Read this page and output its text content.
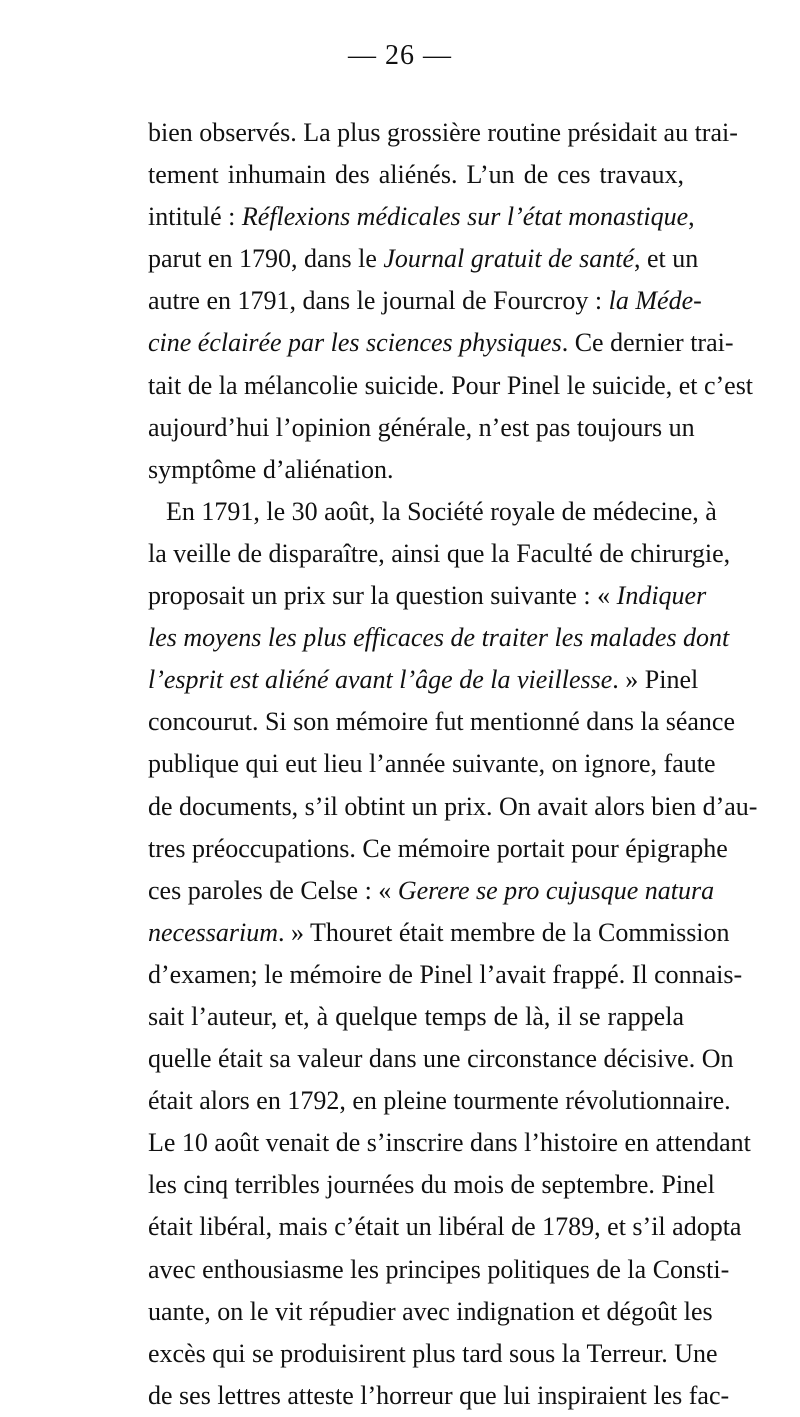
— 26 —
bien observés. La plus grossière routine présidait au trai-
tement inhumain des aliénés. L’un de ces travaux,
intitulé : Réflexions médicales sur l’état monastique,
parut en 1790, dans le Journal gratuit de santé, et un
autre en 1791, dans le journal de Fourcroy : la Méde-
cine éclairée par les sciences physiques. Ce dernier trai-
tait de la mélancolie suicide. Pour Pinel le suicide, et c’est
aujourd’hui l’opinion générale, n’est pas toujours un
symptôme d’aliénation.
En 1791, le 30 août, la Société royale de médecine, à
la veille de disparaître, ainsi que la Faculté de chirurgie,
proposait un prix sur la question suivante : « Indiquer
les moyens les plus efficaces de traiter les malades dont
l’esprit est aliéné avant l’âge de la vieillesse. » Pinel
concourut. Si son mémoire fut mentionné dans la séance
publique qui eut lieu l’année suivante, on ignore, faute
de documents, s’il obtint un prix. On avait alors bien d’au-
tres préoccupations. Ce mémoire portait pour épigraphe
ces paroles de Celse : « Gerere se pro cujusque natura
necessarium. » Thouret était membre de la Commission
d’examen; le mémoire de Pinel l’avait frappé. Il connais-
sait l’auteur, et, à quelque temps de là, il se rappela
quelle était sa valeur dans une circonstance décisive. On
était alors en 1792, en pleine tourmente révolutionnaire.
Le 10 août venait de s’inscrire dans l’histoire en attendant
les cinq terribles journées du mois de septembre. Pinel
était libéral, mais c’était un libéral de 1789, et s’il adopta
avec enthousiasme les principes politiques de la Consti-
uante, on le vit répudier avec indignation et dégoût les
excès qui se produisirent plus tard sous la Terreur. Une
de ses lettres atteste l’horreur que lui inspiraient les fac-
